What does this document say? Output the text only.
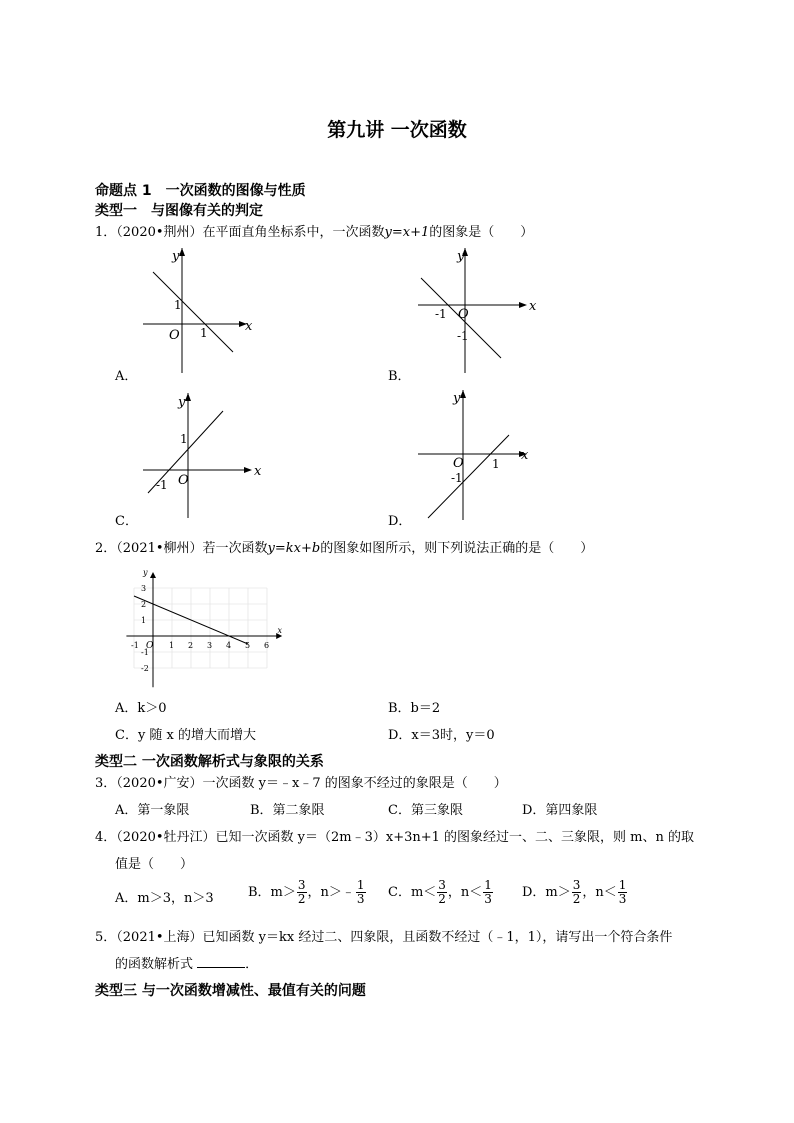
第九讲 一次函数
命题点 1　一次函数的图像与性质
类型一　与图像有关的判定
1．（2020•荆州）在平面直角坐标系中，一次函数y=x+1的图象是（　　）
y
x
1
1
O
A．
y
x
-1 O
-1
B．
y
x
1
-1 O
C．
y
x
O 1
-1
D．
2．（2021•柳州）若一次函数y=kx+b的图象如图所示，则下列说法正确的是（　　）
x
y
-1 O 1 2 3 4 5 6
3
2
1
-1
-2
A．k＞0	B．b＝2
C．y 随 x 的增大而增大	D．x＝3时，y＝0
类型二 一次函数解析式与象限的关系
3．（2020•广安）一次函数 y＝﹣x﹣7 的图象不经过的象限是（　　）
A．第一象限	B．第二象限	C．第三象限	D．第四象限
4．（2020•牡丹江）已知一次函数 y＝（2m﹣3）x+3n+1 的图象经过一、二、三象限，则 m、n 的取
值是（　　）
A．m＞3，n＞3	B．$m> \frac{3}{2}$ ，n＞﹣ $\frac{1}{3}$ C．$m< \frac{3}{2}$ ，$n< \frac{1}{3}$ D．$m> \frac{3}{2}$ ，$n< \frac{1}{3}$
5．（2021•上海）已知函数 y＝kx 经过二、四象限，且函数不经过（﹣1，1），请写出一个符合条件
的函数解析式	．
类型三 与一次函数增减性、最值有关的问题
